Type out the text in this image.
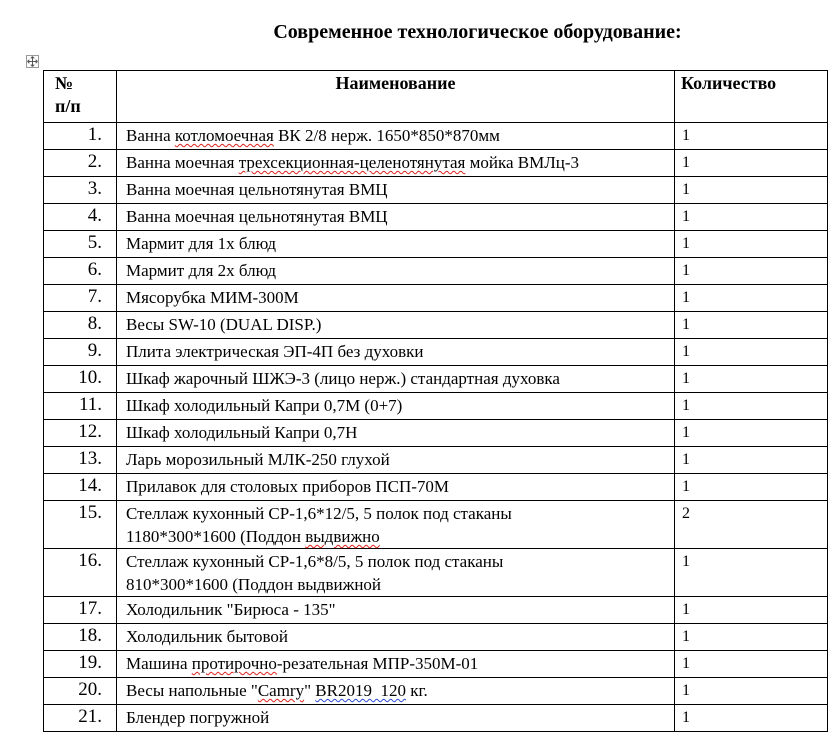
Современное технологическое оборудование:
№
п/п	Наименование	Количество
1.	Ванна котломоечная ВК 2/8 нерж. 1650*850*870мм	1
2.	Ванна моечная трехсекционная-целенотянутая мойка ВМЛц-3	1
3.	Ванна моечная цельнотянутая ВМЦ	1
4.	Ванна моечная цельнотянутая ВМЦ	1
5.	Мармит для 1х блюд	1
6.	Мармит для 2х блюд	1
7.	Мясорубка МИМ-300М	1
8.	Весы SW-10 (DUAL DISP.)	1
9.	Плита электрическая ЭП-4П без духовки	1
10.	Шкаф жарочный ШЖЭ-3 (лицо нерж.) стандартная духовка	1
11.	Шкаф холодильный Капри 0,7М (0+7)	1
12.	Шкаф холодильный Капри 0,7Н	1
13.	Ларь морозильный МЛК-250 глухой	1
14.	Прилавок для столовых приборов ПСП-70М	1
15.	Стеллаж кухонный СР-1,6*12/5, 5 полок под стаканы
1180*300*1600 (Поддон выдвижно	2
16.	Стеллаж кухонный СР-1,6*8/5, 5 полок под стаканы
810*300*1600 (Поддон выдвижной	1
17.	Холодильник "Бирюса - 135"	1
18.	Холодильник бытовой	1
19.	Машина протирочно-резательная МПР-350М-01	1
20.	Весы напольные "Camry" BR2019  120 кг.	1
21.	Блендер погружной	1
